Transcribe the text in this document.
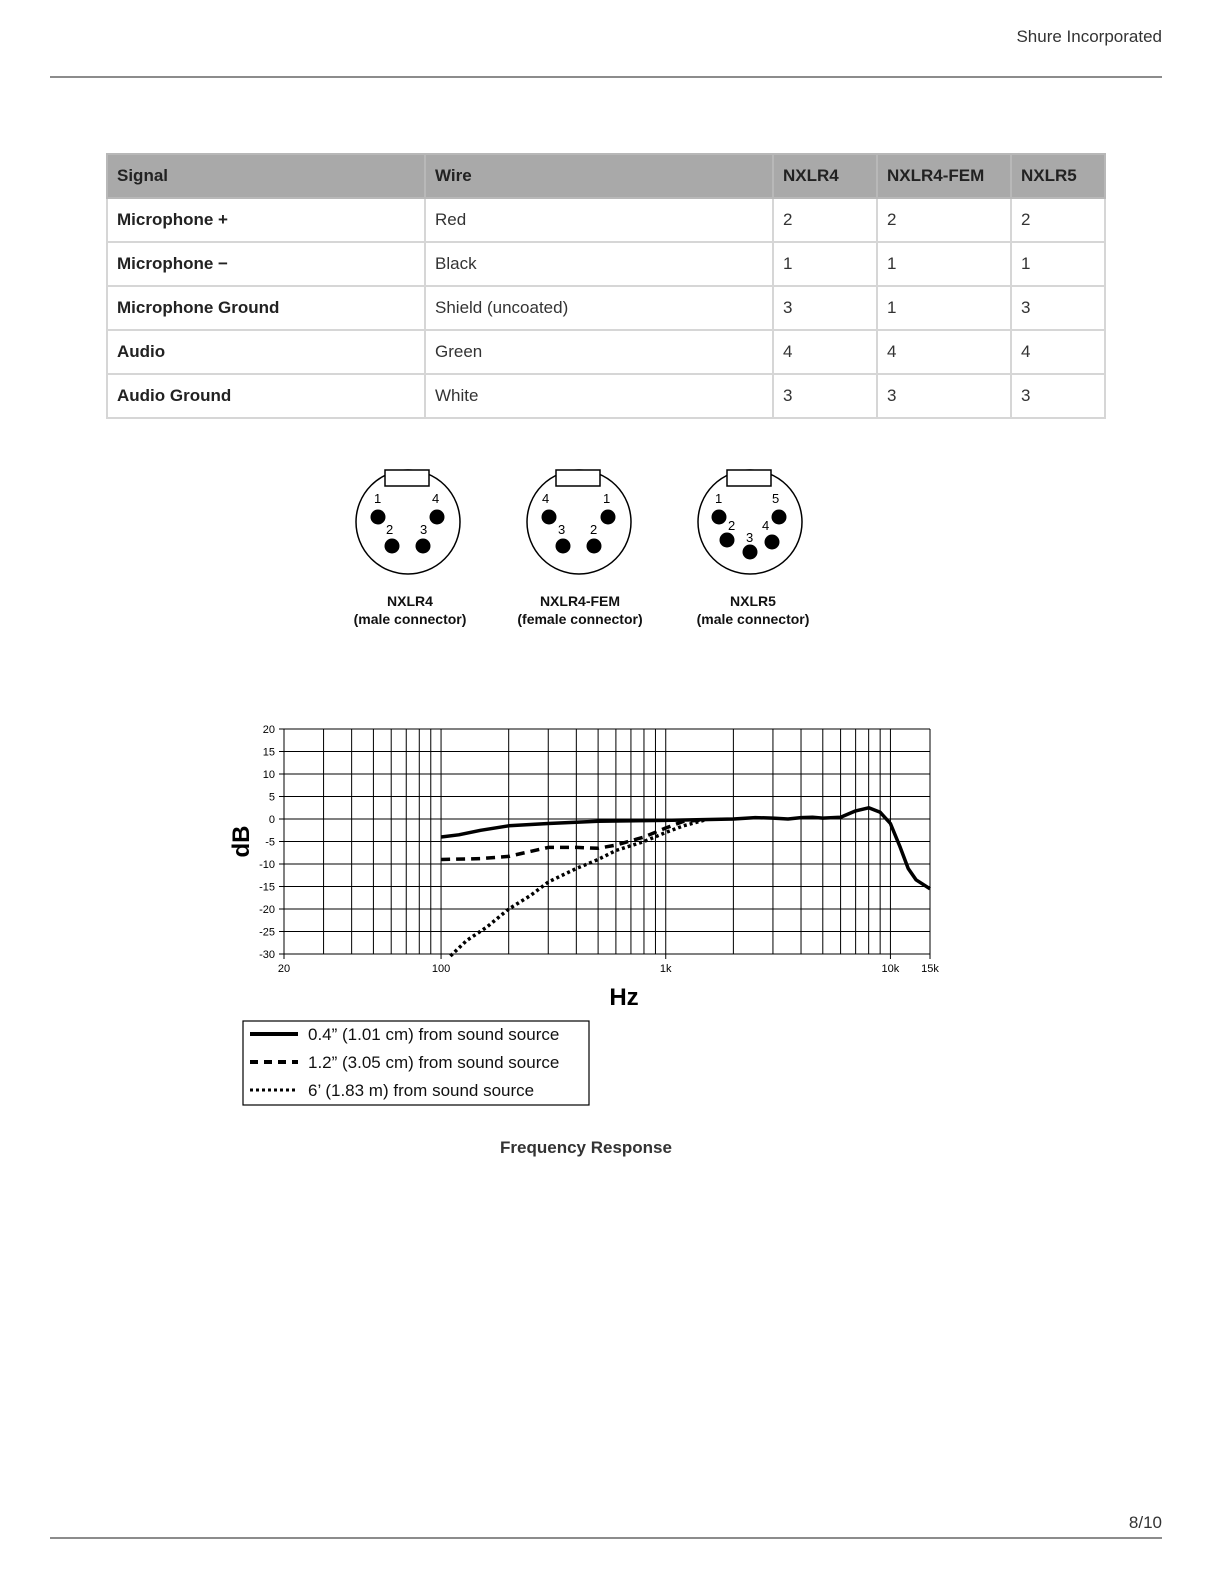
Shure Incorporated
Signal	Wire	NXLR4	NXLR4-FEM	NXLR5
Microphone +	Red	2	2	2
Microphone −	Black	1	1	1
Microphone Ground	Shield (uncoated)	3	1	3
Audio	Green	4	4	4
Audio Ground	White	3	3	3
1	4
2 3
4	1
3 2
1	5
2 4
3
NXLR4
(male connector)
NXLR4-FEM
(female connector)
NXLR5
(male connector)
20
15
10
5
0
-5
-10
-15
-20
-25
-30
20	100	1k	10k 15k
Hz
dB
0.4” (1.01 cm) from sound source
1.2” (3.05 cm) from sound source
6’ (1.83 m) from sound source
Frequency Response
8/10
